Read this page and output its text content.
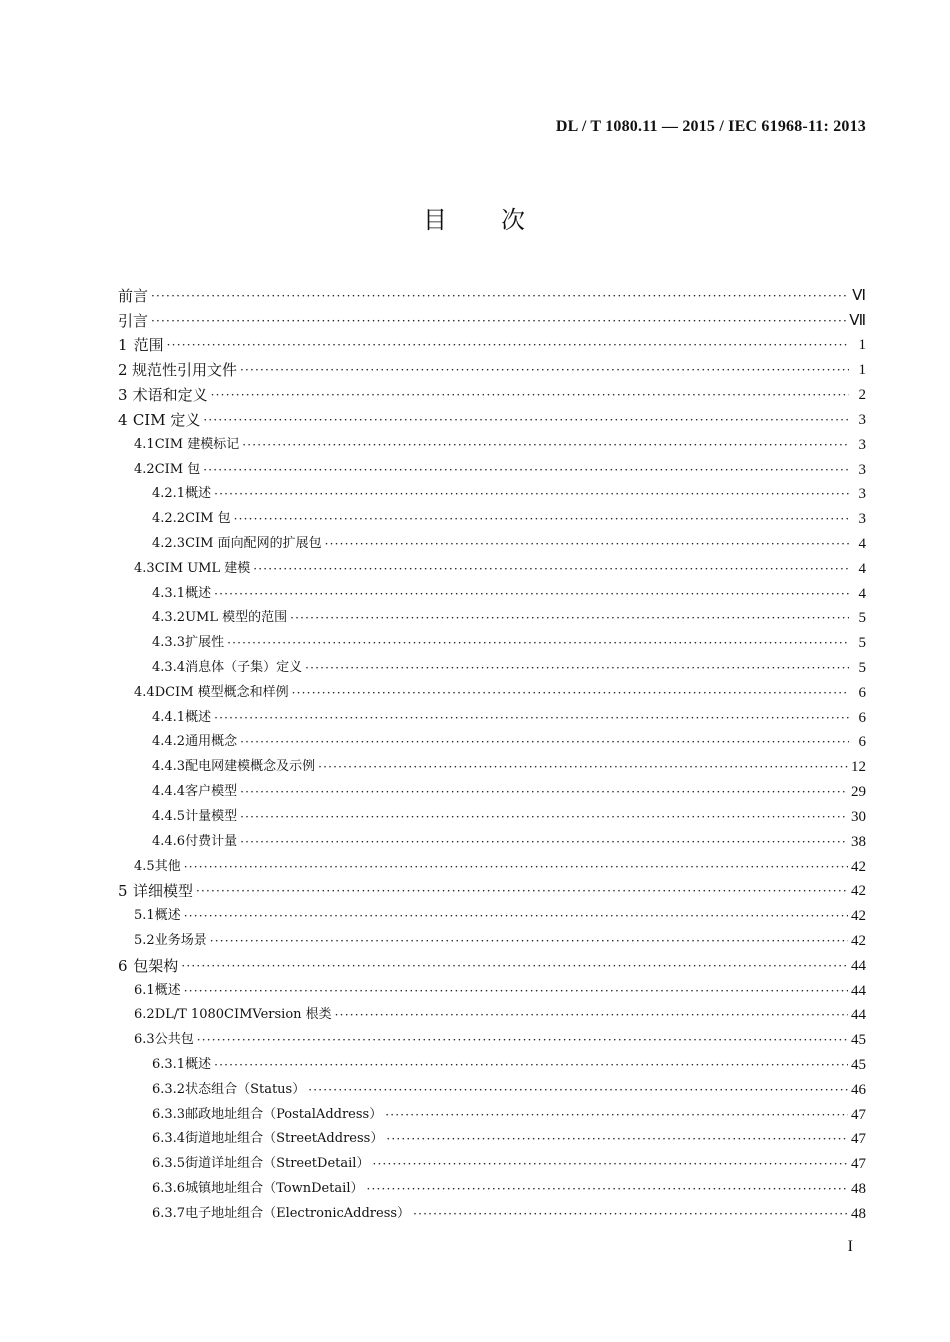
DL / T 1080.11 — 2015 / IEC 61968-11: 2013
目 次
前言 ·····	Ⅵ
引言 ·····	Ⅶ
1 范围 ·····	1
2 规范性引用文件 ·····	1
3 术语和定义 ·····	2
4 CIM 定义 ·····	3
4.1 CIM 建模标记 ·····	3
4.2 CIM 包 ·····	3
4.2.1 概述 ·····	3
4.2.2 CIM 包 ·····	3
4.2.3 CIM 面向配网的扩展包 ·····	4
4.3 CIM UML 建模 ·····	4
4.3.1 概述 ·····	4
4.3.2 UML 模型的范围 ·····	5
4.3.3 扩展性 ·····	5
4.3.4 消息体（子集）定义 ·····	5
4.4 DCIM 模型概念和样例 ·····	6
4.4.1 概述 ·····	6
4.4.2 通用概念 ·····	6
4.4.3 配电网建模概念及示例 ·····	12
4.4.4 客户模型 ·····	29
4.4.5 计量模型 ·····	30
4.4.6 付费计量 ·····	38
4.5 其他 ·····	42
5 详细模型 ·····	42
5.1 概述 ·····	42
5.2 业务场景 ·····	42
6 包架构 ·····	44
6.1 概述 ·····	44
6.2 DL/T 1080CIMVersion 根类 ·····	44
6.3 公共包 ·····	45
6.3.1 概述 ·····	45
6.3.2 状态组合（Status） ·····	46
6.3.3 邮政地址组合（PostalAddress） ·····	47
6.3.4 街道地址组合（StreetAddress） ·····	47
6.3.5 街道详址组合（StreetDetail） ·····	47
6.3.6 城镇地址组合（TownDetail） ·····	48
6.3.7 电子地址组合（ElectronicAddress） ·····	48
I
